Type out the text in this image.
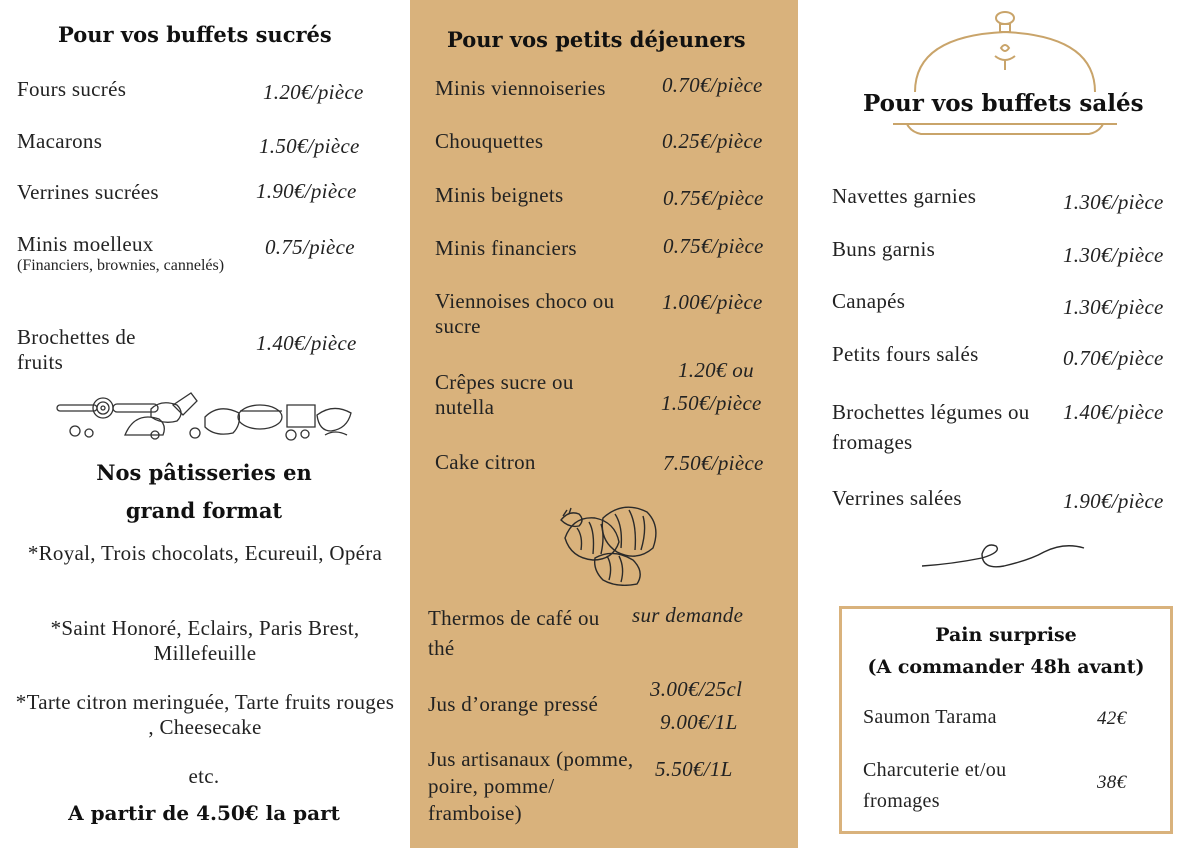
Pour vos buffets sucrés
Fours sucrés	1.20€/pièce
Macarons	1.50€/pièce
Verrines sucrées	1.90€/pièce
Minis moelleux
(Financiers, brownies, cannelés)
0.75/pièce
Brochettes de fruits
1.40€/pièce
Nos pâtisseries en
grand format
*Royal, Trois chocolats, Ecureuil, Opéra
*Saint Honoré, Eclairs, Paris Brest, Millefeuille
*Tarte citron meringuée, Tarte fruits rouges , Cheesecake
etc.
A partir de 4.50€ la part
Pour vos petits déjeuners
Minis viennoiseries	0.70€/pièce
Chouquettes	0.25€/pièce
Minis beignets	0.75€/pièce
Minis financiers	0.75€/pièce
Viennoises choco ou sucre
1.00€/pièce
Crêpes sucre ou nutella
1.20€ ou
1.50€/pièce
Cake citron	7.50€/pièce
Thermos de café ou thé
sur demande
Jus d’orange pressé
3.00€/25cl
9.00€/1L
Jus artisanaux (pomme, poire, pomme/ framboise)
5.50€/1L
Pour vos buffets salés
Navettes garnies	1.30€/pièce
Buns garnis	1.30€/pièce
Canapés	1.30€/pièce
Petits fours salés	0.70€/pièce
Brochettes légumes ou fromages
1.40€/pièce
Verrines salées	1.90€/pièce
Pain surprise
(A commander 48h avant)
Saumon Tarama	42€
Charcuterie et/ou fromages
38€
